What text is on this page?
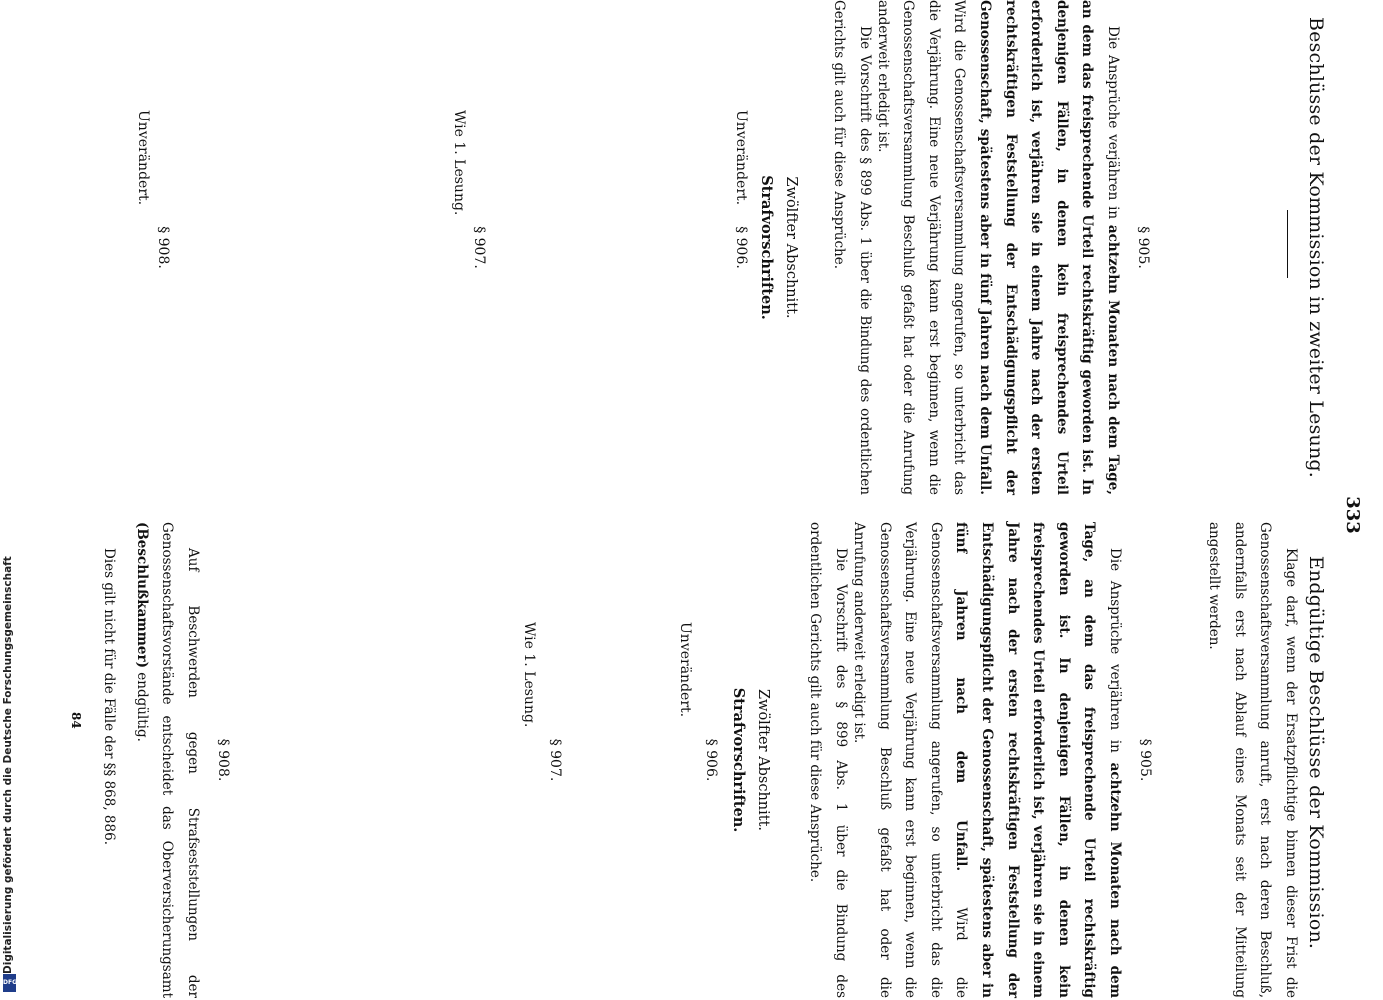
333
Beschlüsse der Kommission in zweiter Lesung.
Endgültige Beschlüsse der Kommission.

Klage darf, wenn der Ersatzpflichtige binnen dieser Frist die Genossenschaftsversammlung anruft, erst nach deren Beschluß, andernfalls erst nach Ablauf eines Monats seit der Mitteilung angestellt werden.

§ 905.

Die Ansprüche verjähren in achtzehn Monaten nach dem Tage, an dem das freisprechende Urteil rechtskräftig geworden ist. In denjenigen Fällen, in denen kein freisprechendes Urteil erforderlich ist, verjähren sie in einem Jahre nach der ersten rechtskräftigen Feststellung der Entschädigungspflicht der Genossenschaft, spätestens aber in fünf Jahren nach dem Unfall. Wird die Genossenschaftsversammlung angerufen, so unterbricht das die Verjährung. Eine neue Verjährung kann erst beginnen, wenn die Genossenschaftsversammlung Beschluß gefaßt hat oder die Anrufung anderweit erledigt ist.

Die Vorschrift des § 899 Abs. 1 über die Bindung des ordentlichen Gerichts gilt auch für diese Ansprüche.

Zwölfter Abschnitt.
Strafvorschriften.
§ 906.
Unverändert.
§ 907.
Wie 1. Lesung.
§ 908.

Auf Beschwerden gegen Strafseststellungen der Genossenschaftsvorstände entscheidet das Oberversicherungsamt (Beschlußkammer) endgültig.

Dies gilt nicht für die Fälle der §§ 868, 886.

84
§ 905.

Die Ansprüche verjähren in achtzehn Monaten nach dem Tage, an dem das freisprechende Urteil rechtskräftig geworden ist. In denjenigen Fällen, in denen kein freisprechendes Urteil erforderlich ist, verjähren sie in einem Jahre nach der ersten rechtskräftigen Feststellung der Entschädigungspflicht der Genossenschaft, spätestens aber in fünf Jahren nach dem Unfall. Wird die Genossenschaftsversammlung angerufen, so unterbricht das die Verjährung. Eine neue Verjährung kann erst beginnen, wenn die Genossenschaftsversammlung Beschluß gefaßt hat oder die Anrufung anderweit erledigt ist.

Die Vorschrift des § 899 Abs. 1 über die Bindung des ordentlichen Gerichts gilt auch für diese Ansprüche.

Zwölfter Abschnitt.
Strafvorschriften.
§ 906.
Unverändert.
§ 907.
Wie 1. Lesung.
§ 908.
Unverändert.
Digitalisierung gefördert durch die Deutsche Forschungsgemeinschaft
DFG
